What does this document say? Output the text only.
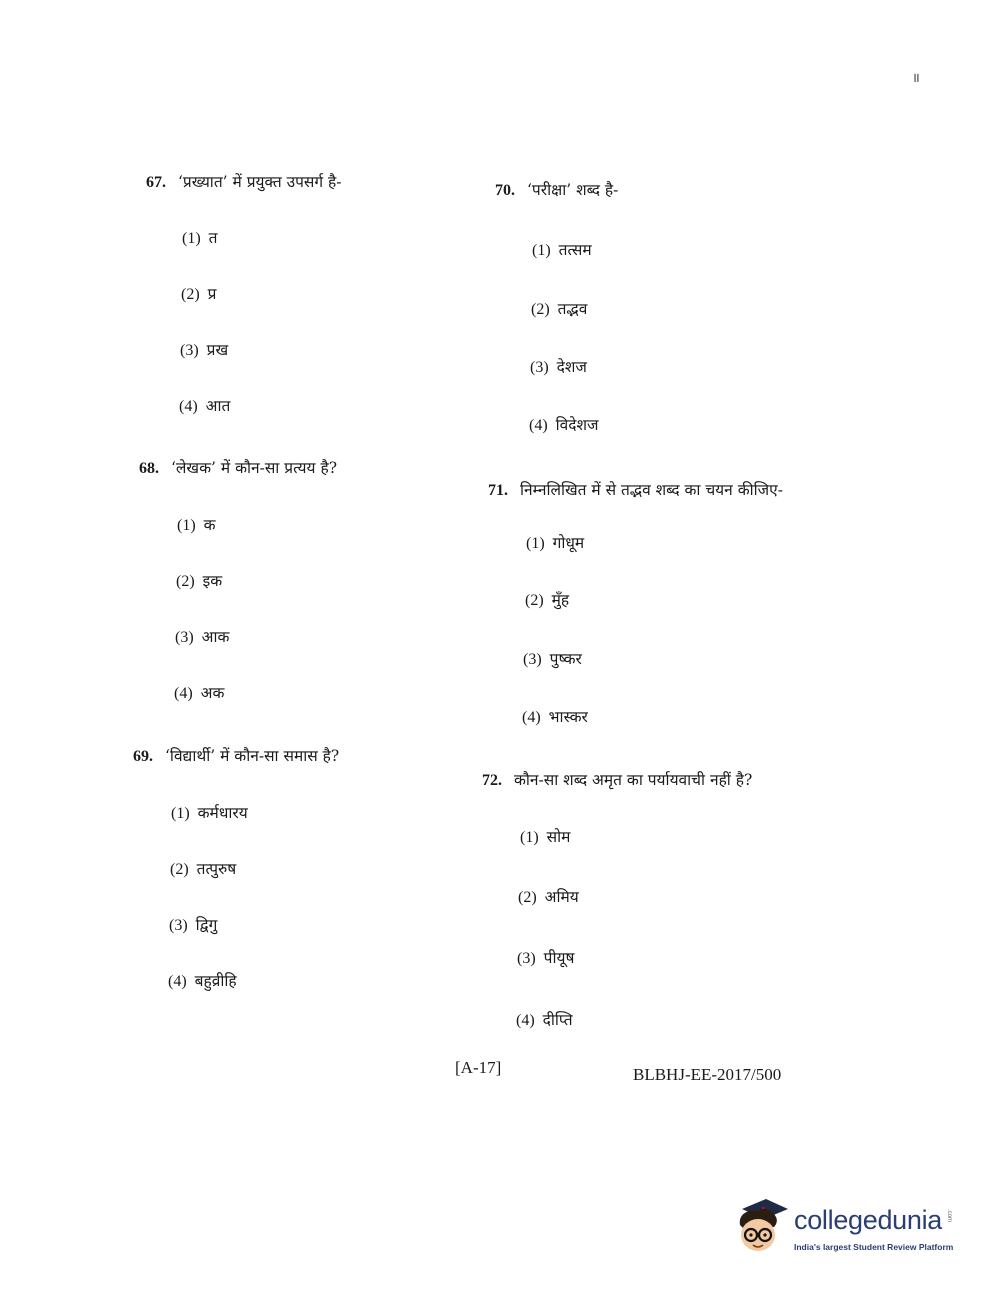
॥
67. ‘प्रख्यात’ में प्रयुक्त उपसर्ग है-
(1) त
(2) प्र
(3) प्रख
(4) आत
68. ‘लेखक’ में कौन-सा प्रत्यय है?
(1) क
(2) इक
(3) आक
(4) अक
69. ‘विद्यार्थी’ में कौन-सा समास है?
(1) कर्मधारय
(2) तत्पुरुष
(3) द्विगु
(4) बहुव्रीहि
70. ‘परीक्षा’ शब्द है-
(1) तत्सम
(2) तद्भव
(3) देशज
(4) विदेशज
71. निम्नलिखित में से तद्भव शब्द का चयन कीजिए-
(1) गोधूम
(2) मुँह
(3) पुष्कर
(4) भास्कर
72. कौन-सा शब्द अमृत का पर्यायवाची नहीं है?
(1) सोम
(2) अमिय
(3) पीयूष
(4) दीप्ति
[A-17]	BLBHJ-EE-2017/500
collegedunia .com
India's largest Student Review Platform
